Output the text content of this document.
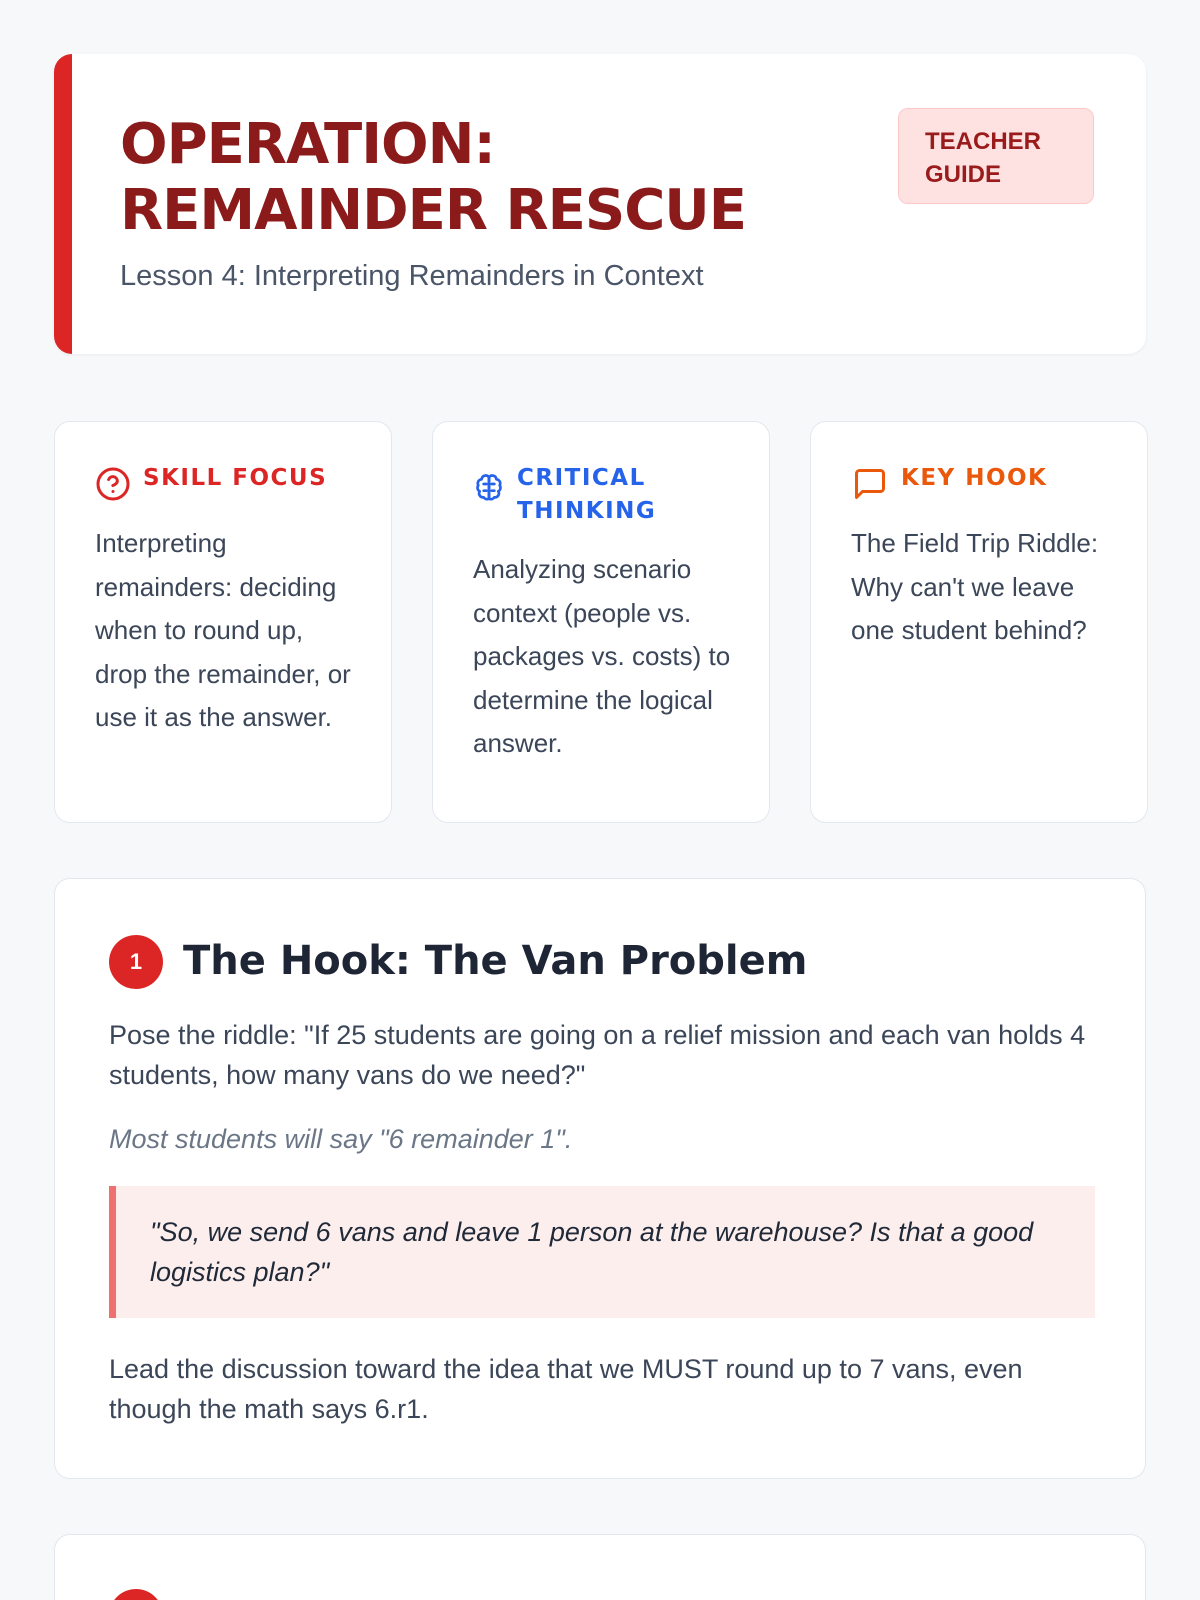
OPERATION: REMAINDER RESCUE
Lesson 4: Interpreting Remainders in Context
TEACHER GUIDE
SKILL FOCUS

Interpreting remainders: deciding when to round up, drop the remainder, or use it as the answer.

CRITICAL THINKING

Analyzing scenario context (people vs. packages vs. costs) to determine the logical answer.

KEY HOOK

The Field Trip Riddle: Why can't we leave one student behind?

1	The Hook: The Van Problem

Pose the riddle: "If 25 students are going on a relief mission and each van holds 4 students, how many vans do we need?"

Most students will say "6 remainder 1".

"So, we send 6 vans and leave 1 person at the warehouse? Is that a good logistics plan?"

Lead the discussion toward the idea that we MUST round up to 7 vans, even though the math says 6.r1.
